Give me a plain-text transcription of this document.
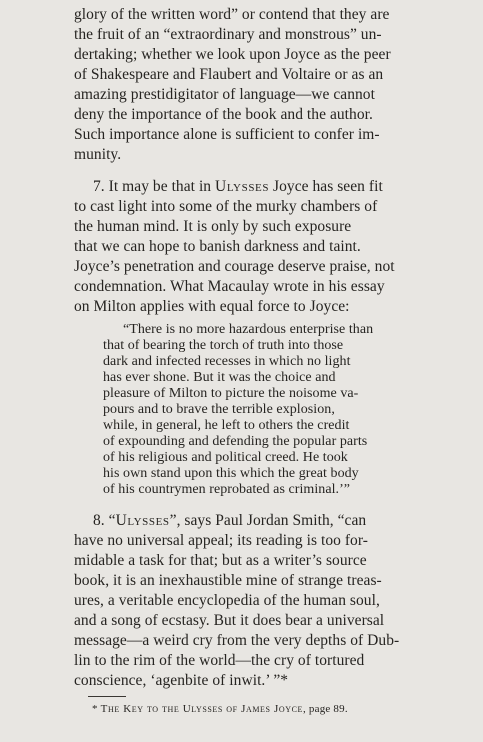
glory of the written word” or contend that they are
the fruit of an “extraordinary and monstrous” un-
dertaking; whether we look upon Joyce as the peer
of Shakespeare and Flaubert and Voltaire or as an
amazing prestidigitator of language—we cannot
deny the importance of the book and the author.
Such importance alone is sufficient to confer im-
munity.
7. It may be that in Ulysses Joyce has seen fit
to cast light into some of the murky chambers of
the human mind. It is only by such exposure
that we can hope to banish darkness and taint.
Joyce’s penetration and courage deserve praise, not
condemnation. What Macaulay wrote in his essay
on Milton applies with equal force to Joyce:
“There is no more hazardous enterprise than
that of bearing the torch of truth into those
dark and infected recesses in which no light
has ever shone. But it was the choice and
pleasure of Milton to picture the noisome va-
pours and to brave the terrible explosion,
while, in general, he left to others the credit
of expounding and defending the popular parts
of his religious and political creed. He took
his own stand upon this which the great body
of his countrymen reprobated as criminal.’”
8. “Ulysses”, says Paul Jordan Smith, “can
have no universal appeal; its reading is too for-
midable a task for that; but as a writer’s source
book, it is an inexhaustible mine of strange treas-
ures, a veritable encyclopedia of the human soul,
and a song of ecstasy. But it does bear a universal
message—a weird cry from the very depths of Dub-
lin to the rim of the world—the cry of tortured
conscience, ‘agenbite of inwit.’ ”*
* The Key to the Ulysses of James Joyce, page 89.
